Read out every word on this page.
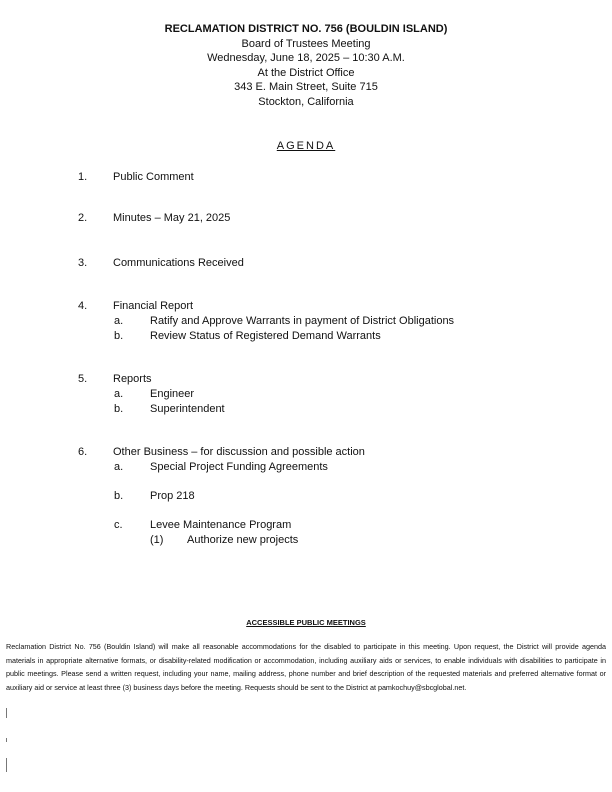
RECLAMATION DISTRICT NO. 756 (BOULDIN ISLAND)
Board of Trustees Meeting
Wednesday, June 18, 2025 – 10:30 A.M.
At the District Office
343 E. Main Street, Suite 715
Stockton, California
AGENDA
1. Public Comment
2. Minutes – May 21, 2025
3. Communications Received
4. Financial Report
a. Ratify and Approve Warrants in payment of District Obligations
b. Review Status of Registered Demand Warrants
5. Reports
a. Engineer
b. Superintendent
6. Other Business – for discussion and possible action
a. Special Project Funding Agreements
b. Prop 218
c. Levee Maintenance Program
(1) Authorize new projects
ACCESSIBLE PUBLIC MEETINGS
Reclamation District No. 756 (Bouldin Island) will make all reasonable accommodations for the disabled to participate in this meeting. Upon request, the District will provide agenda materials in appropriate alternative formats, or disability-related modification or accommodation, including auxiliary aids or services, to enable individuals with disabilities to participate in public meetings. Please send a written request, including your name, mailing address, phone number and brief description of the requested materials and preferred alternative format or auxiliary aid or service at least three (3) business days before the meeting. Requests should be sent to the District at pamkochuy@sbcglobal.net.
